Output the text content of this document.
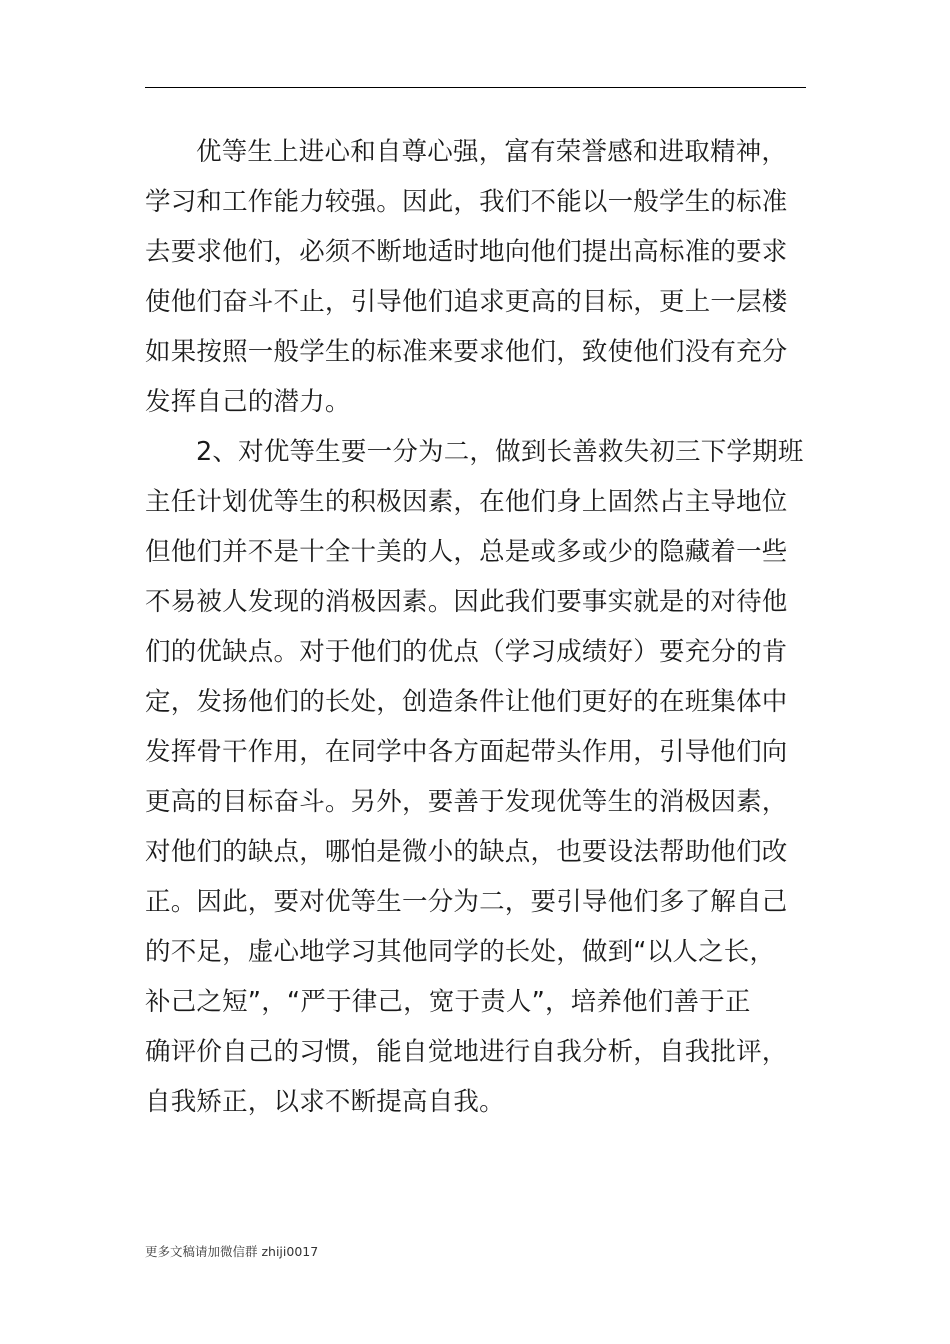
优等生上进心和自尊心强，富有荣誉感和进取精神，
学习和工作能力较强。因此，我们不能以一般学生的标准
去要求他们，必须不断地适时地向他们提出高标准的要求
使他们奋斗不止，引导他们追求更高的目标，更上一层楼
如果按照一般学生的标准来要求他们，致使他们没有充分
发挥自己的潜力。
2、对优等生要一分为二，做到长善救失初三下学期班
主任计划优等生的积极因素，在他们身上固然占主导地位
但他们并不是十全十美的人，总是或多或少的隐藏着一些
不易被人发现的消极因素。因此我们要事实就是的对待他
们的优缺点。对于他们的优点（学习成绩好）要充分的肯
定，发扬他们的长处，创造条件让他们更好的在班集体中
发挥骨干作用，在同学中各方面起带头作用，引导他们向
更高的目标奋斗。另外，要善于发现优等生的消极因素，
对他们的缺点，哪怕是微小的缺点，也要设法帮助他们改
正。因此，要对优等生一分为二，要引导他们多了解自己
的不足，虚心地学习其他同学的长处，做到“以人之长，
补己之短”，“严于律己，宽于责人”，培养他们善于正
确评价自己的习惯，能自觉地进行自我分析，自我批评，
自我矫正，以求不断提高自我。
更多文稿请加微信群 zhiji0017
